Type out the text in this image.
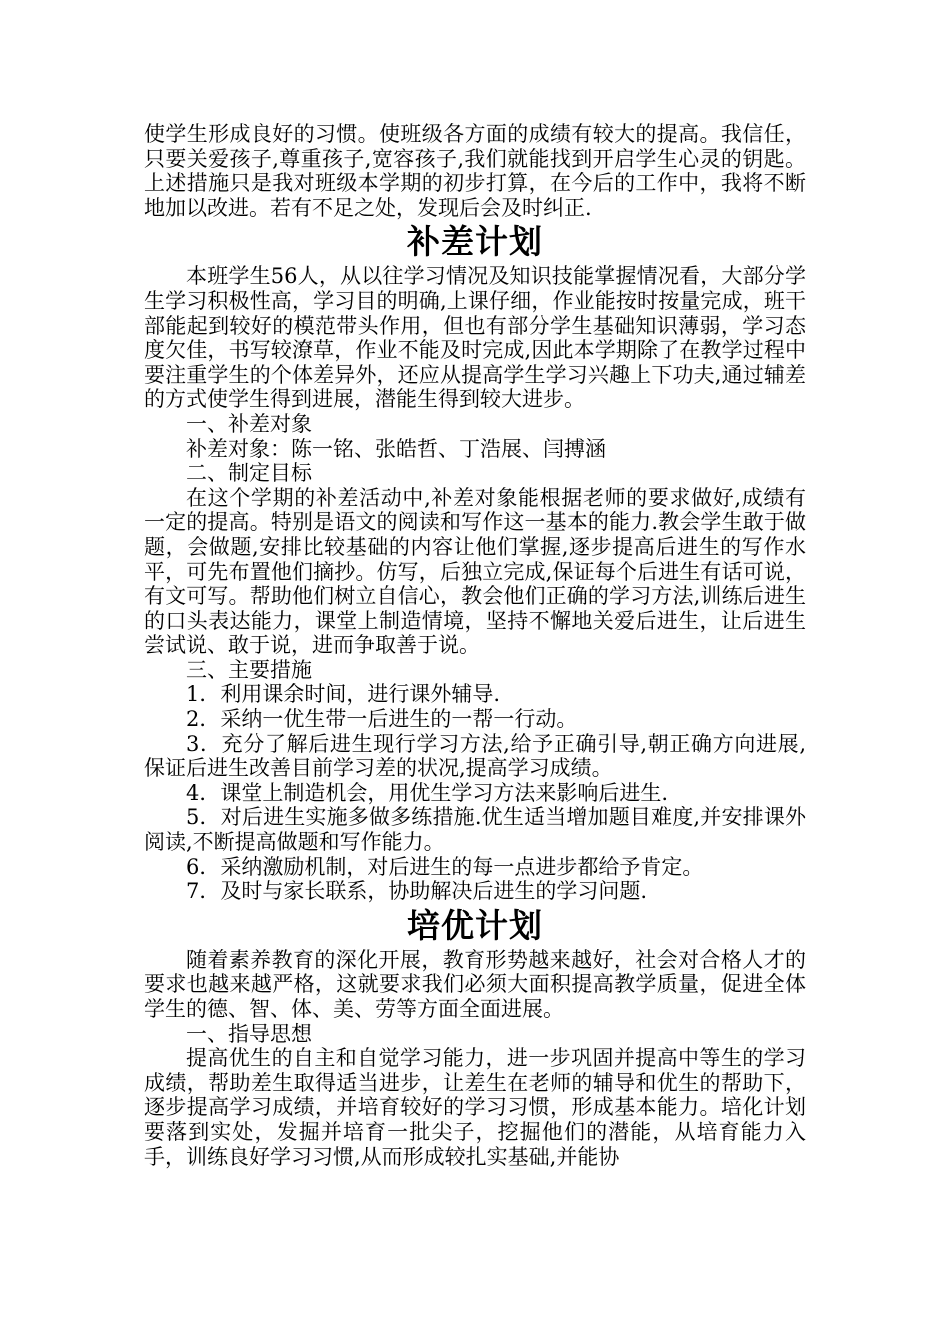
使学生形成良好的习惯。使班级各方面的成绩有较大的提高。我信任，只要关爱孩子,尊重孩子,宽容孩子,我们就能找到开启学生心灵的钥匙。上述措施只是我对班级本学期的初步打算，在今后的工作中，我将不断地加以改进。若有不足之处，发现后会及时纠正.

补差计划

本班学生56人，从以往学习情况及知识技能掌握情况看，大部分学生学习积极性高，学习目的明确,上课仔细，作业能按时按量完成，班干部能起到较好的模范带头作用，但也有部分学生基础知识薄弱，学习态度欠佳，书写较潦草，作业不能及时完成,因此本学期除了在教学过程中要注重学生的个体差异外，还应从提高学生学习兴趣上下功夫,通过辅差的方式使学生得到进展，潜能生得到较大进步。

一、补差对象

补差对象：陈一铭、张皓哲、丁浩展、闫搏涵

二、制定目标

在这个学期的补差活动中,补差对象能根据老师的要求做好,成绩有一定的提高。特别是语文的阅读和写作这一基本的能力.教会学生敢于做题，会做题,安排比较基础的内容让他们掌握,逐步提高后进生的写作水平，可先布置他们摘抄。仿写，后独立完成,保证每个后进生有话可说，有文可写。帮助他们树立自信心，教会他们正确的学习方法,训练后进生的口头表达能力，课堂上制造情境，坚持不懈地关爱后进生，让后进生尝试说、敢于说，进而争取善于说。

三、主要措施

1．利用课余时间，进行课外辅导.

2．采纳一优生带一后进生的一帮一行动。

3．充分了解后进生现行学习方法,给予正确引导,朝正确方向进展,保证后进生改善目前学习差的状况,提高学习成绩。

4．课堂上制造机会，用优生学习方法来影响后进生.

5．对后进生实施多做多练措施.优生适当增加题目难度,并安排课外阅读,不断提高做题和写作能力。

6．采纳激励机制，对后进生的每一点进步都给予肯定。

7．及时与家长联系，协助解决后进生的学习问题.

培优计划

随着素养教育的深化开展，教育形势越来越好，社会对合格人才的要求也越来越严格，这就要求我们必须大面积提高教学质量，促进全体学生的德、智、体、美、劳等方面全面进展。

一、指导思想

提高优生的自主和自觉学习能力，进一步巩固并提高中等生的学习成绩，帮助差生取得适当进步，让差生在老师的辅导和优生的帮助下，逐步提高学习成绩，并培育较好的学习习惯，形成基本能力。培化计划要落到实处，发掘并培育一批尖子，挖掘他们的潜能，从培育能力入手，训练良好学习习惯,从而形成较扎实基础,并能协
